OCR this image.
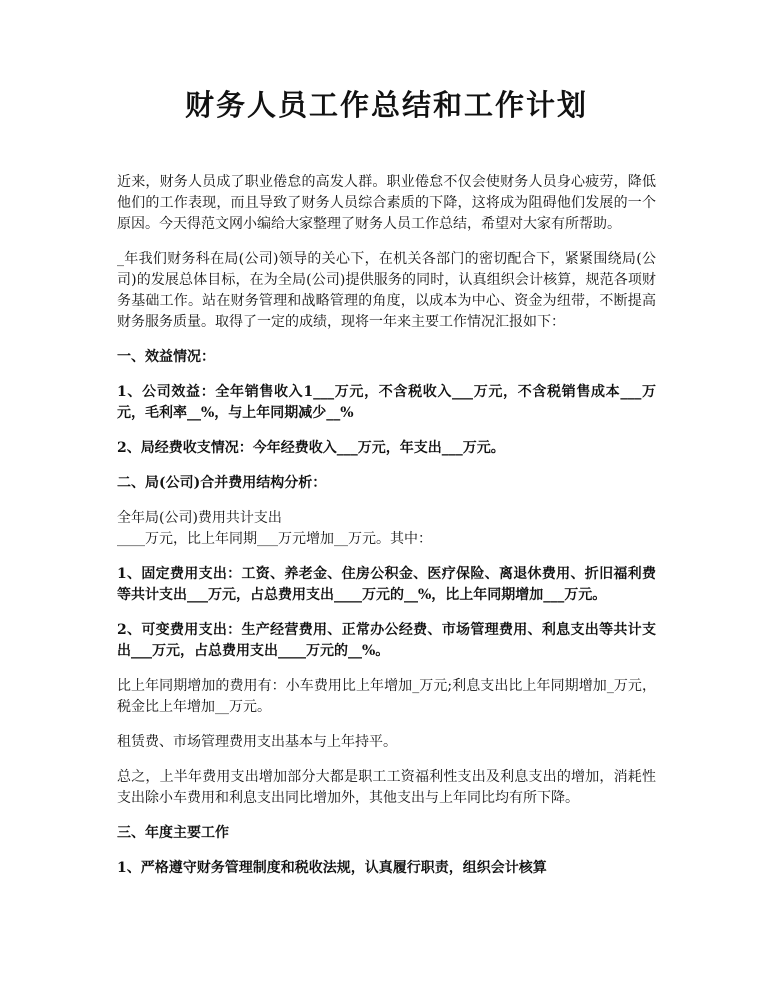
财务人员工作总结和工作计划

近来，财务人员成了职业倦怠的高发人群。职业倦怠不仅会使财务人员身心疲劳，降低他们的工作表现，而且导致了财务人员综合素质的下降，这将成为阻碍他们发展的一个原因。今天得范文网小编给大家整理了财务人员工作总结，希望对大家有所帮助。

_年我们财务科在局(公司)领导的关心下，在机关各部门的密切配合下，紧紧围绕局(公司)的发展总体目标，在为全局(公司)提供服务的同时，认真组织会计核算，规范各项财务基础工作。站在财务管理和战略管理的角度，以成本为中心、资金为纽带，不断提高财务服务质量。取得了一定的成绩，现将一年来主要工作情况汇报如下：

一、效益情况：

1、公司效益：全年销售收入1___万元，不含税收入___万元，不含税销售成本___万元，毛利率__%，与上年同期减少__%

2、局经费收支情况：今年经费收入___万元，年支出___万元。

二、局(公司)合并费用结构分析：

全年局(公司)费用共计支出
____万元，比上年同期___万元增加__万元。其中：

1、固定费用支出：工资、养老金、住房公积金、医疗保险、离退休费用、折旧福利费等共计支出___万元，占总费用支出____万元的__%，比上年同期增加___万元。

2、可变费用支出：生产经营费用、正常办公经费、市场管理费用、利息支出等共计支出___万元，占总费用支出____万元的__%。

比上年同期增加的费用有：小车费用比上年增加_万元;利息支出比上年同期增加_万元，税金比上年增加__万元。

租赁费、市场管理费用支出基本与上年持平。

总之，上半年费用支出增加部分大都是职工工资福利性支出及利息支出的增加，消耗性支出除小车费用和利息支出同比增加外，其他支出与上年同比均有所下降。

三、年度主要工作

1、严格遵守财务管理制度和税收法规，认真履行职责，组织会计核算
